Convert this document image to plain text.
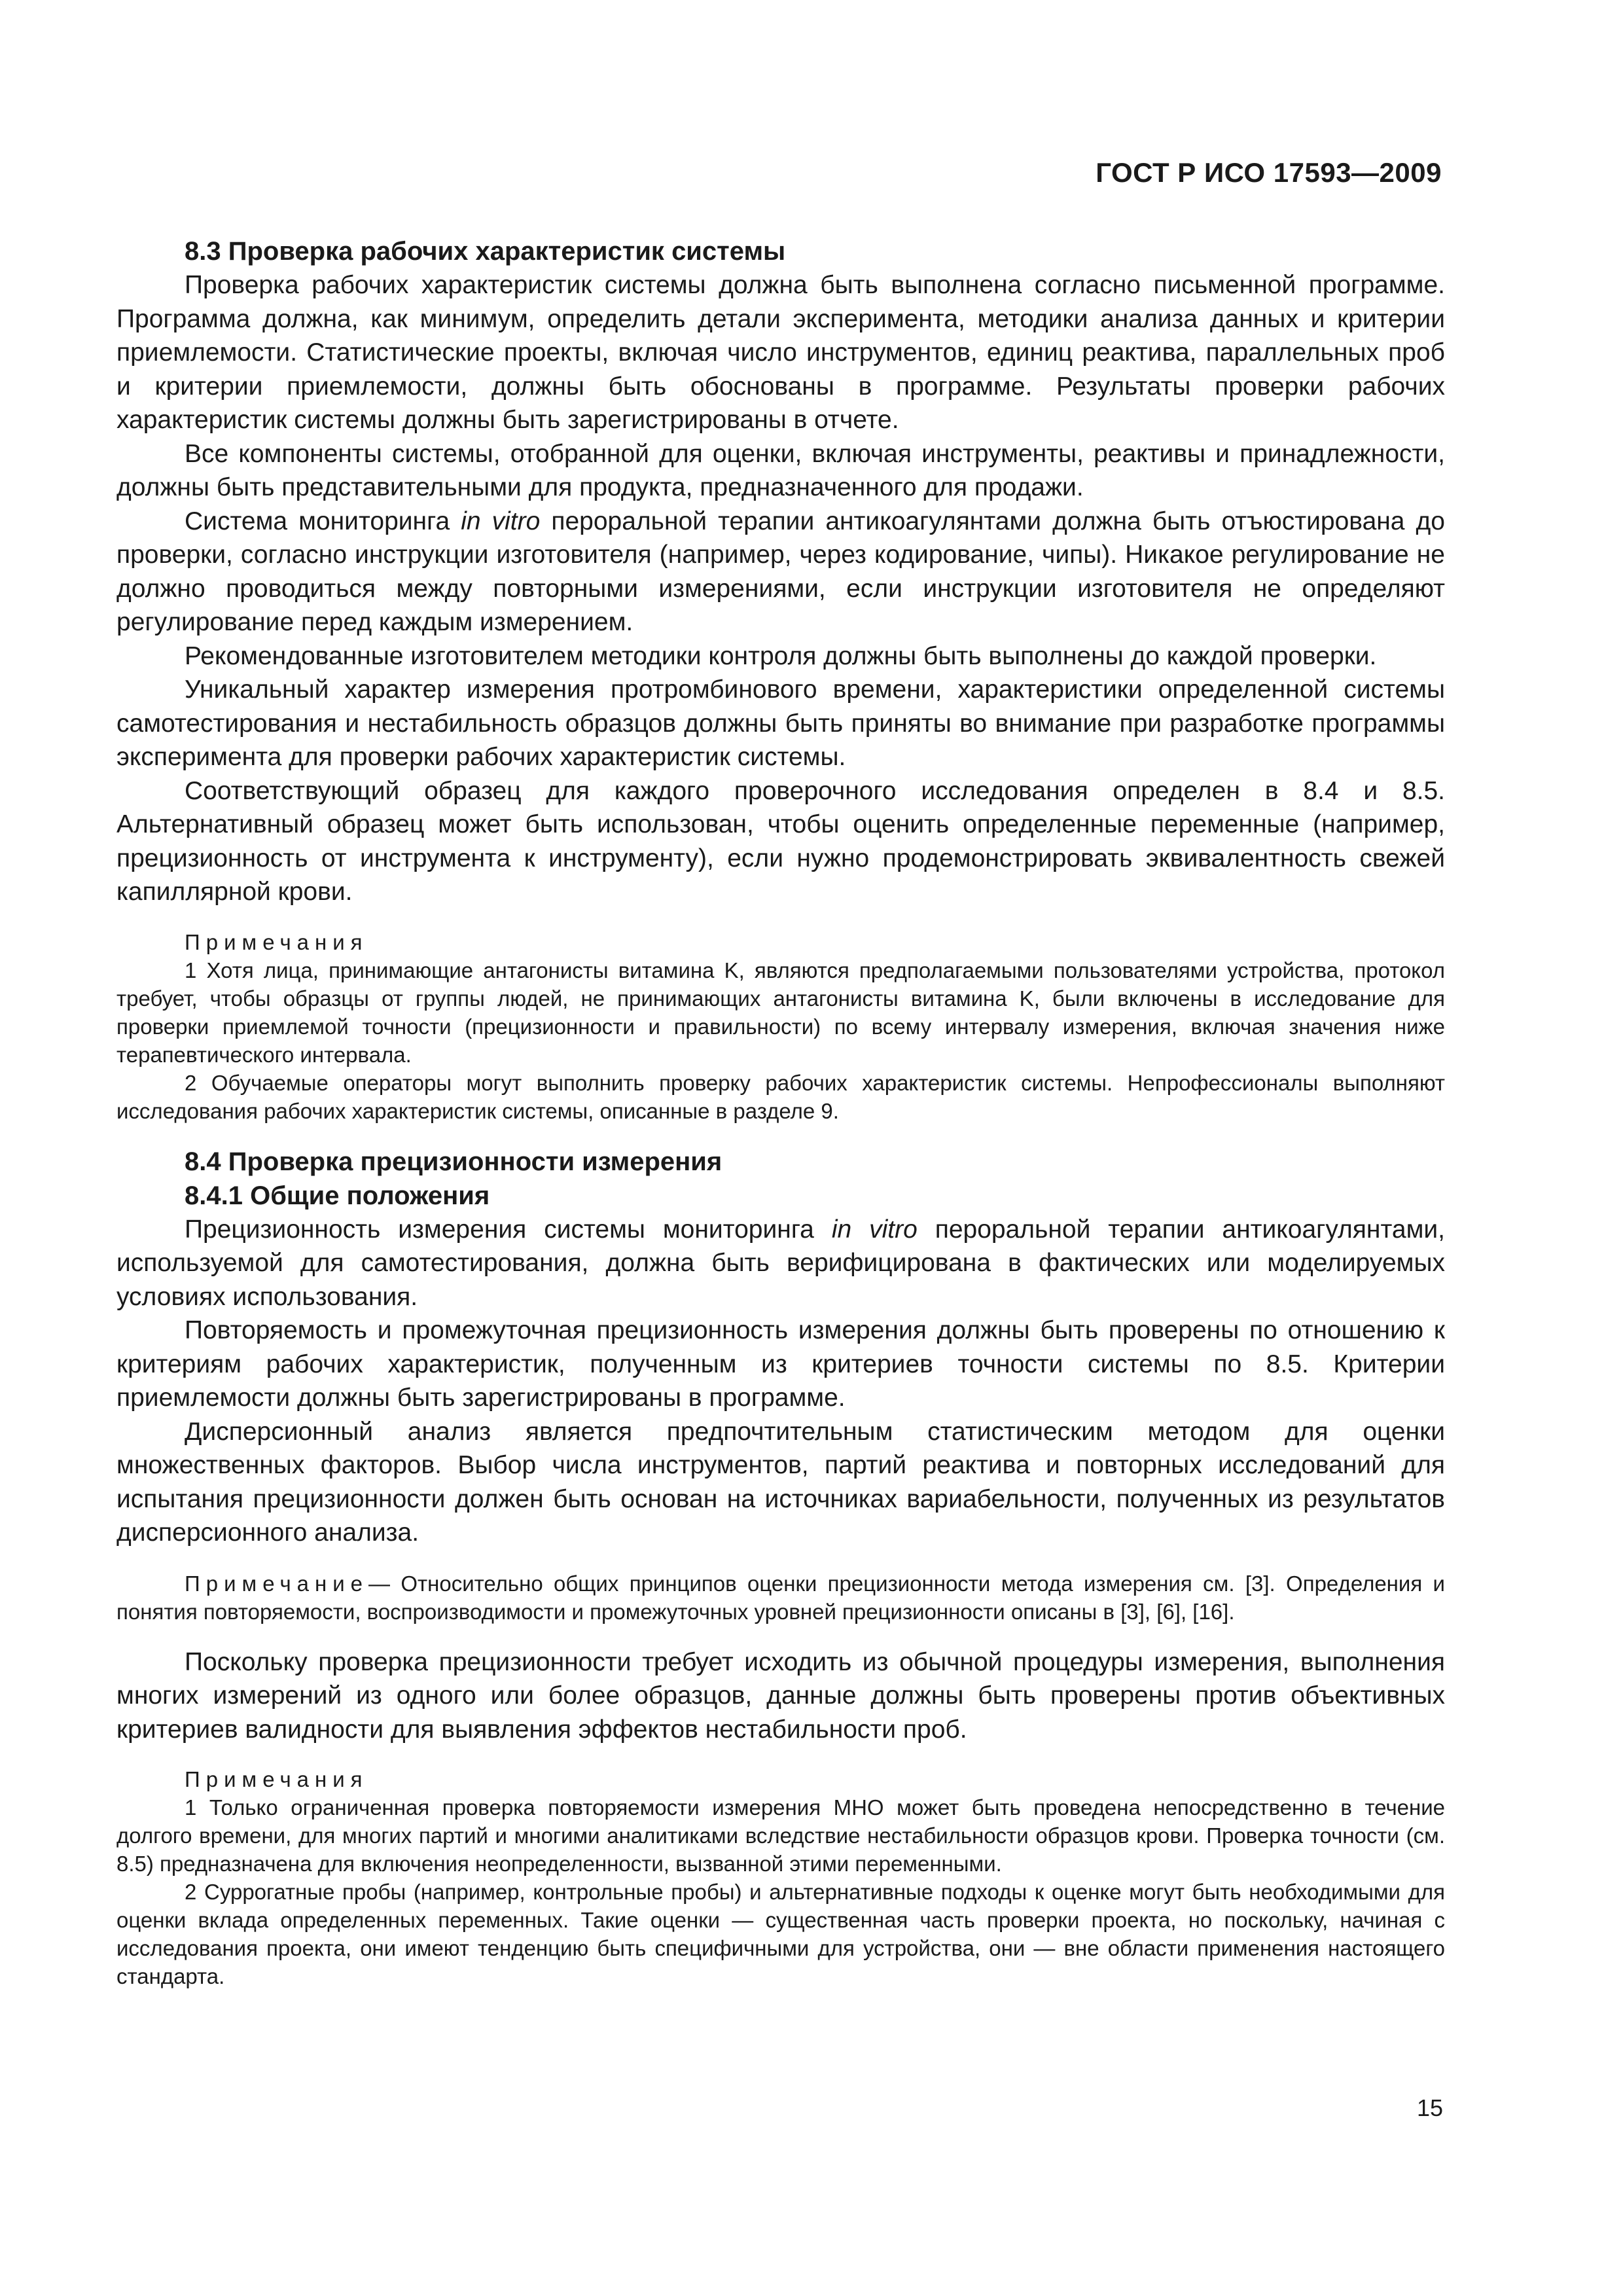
ГОСТ Р ИСО 17593—2009

8.3 Проверка рабочих характеристик системы

Проверка рабочих характеристик системы должна быть выполнена согласно письменной программе. Программа должна, как минимум, определить детали эксперимента, методики анализа данных и критерии приемлемости. Статистические проекты, включая число инструментов, единиц реактива, параллельных проб и критерии приемлемости, должны быть обоснованы в программе. Результаты проверки рабочих характеристик системы должны быть зарегистрированы в отчете.

Все компоненты системы, отобранной для оценки, включая инструменты, реактивы и принадлежности, должны быть представительными для продукта, предназначенного для продажи.

Система мониторинга in vitro пероральной терапии антикоагулянтами должна быть отъюстирована до проверки, согласно инструкции изготовителя (например, через кодирование, чипы). Никакое регулирование не должно проводиться между повторными измерениями, если инструкции изготовителя не определяют регулирование перед каждым измерением.

Рекомендованные изготовителем методики контроля должны быть выполнены до каждой проверки.

Уникальный характер измерения протромбинового времени, характеристики определенной системы самотестирования и нестабильность образцов должны быть приняты во внимание при разработке программы эксперимента для проверки рабочих характеристик системы.

Соответствующий образец для каждого проверочного исследования определен в 8.4 и 8.5. Альтернативный образец может быть использован, чтобы оценить определенные переменные (например, прецизионность от инструмента к инструменту), если нужно продемонстрировать эквивалентность свежей капиллярной крови.

Примечания

1 Хотя лица, принимающие антагонисты витамина K, являются предполагаемыми пользователями устройства, протокол требует, чтобы образцы от группы людей, не принимающих антагонисты витамина K, были включены в исследование для проверки приемлемой точности (прецизионности и правильности) по всему интервалу измерения, включая значения ниже терапевтического интервала.

2 Обучаемые операторы могут выполнить проверку рабочих характеристик системы. Непрофессионалы выполняют исследования рабочих характеристик системы, описанные в разделе 9.

8.4 Проверка прецизионности измерения

8.4.1 Общие положения

Прецизионность измерения системы мониторинга in vitro пероральной терапии антикоагулянтами, используемой для самотестирования, должна быть верифицирована в фактических или моделируемых условиях использования.

Повторяемость и промежуточная прецизионность измерения должны быть проверены по отношению к критериям рабочих характеристик, полученным из критериев точности системы по 8.5. Критерии приемлемости должны быть зарегистрированы в программе.

Дисперсионный анализ является предпочтительным статистическим методом для оценки множественных факторов. Выбор числа инструментов, партий реактива и повторных исследований для испытания прецизионности должен быть основан на источниках вариабельности, полученных из результатов дисперсионного анализа.

Примечание— Относительно общих принципов оценки прецизионности метода измерения см. [3]. Определения и понятия повторяемости, воспроизводимости и промежуточных уровней прецизионности описаны в [3], [6], [16].

Поскольку проверка прецизионности требует исходить из обычной процедуры измерения, выполнения многих измерений из одного или более образцов, данные должны быть проверены против объективных критериев валидности для выявления эффектов нестабильности проб.

Примечания

1 Только ограниченная проверка повторяемости измерения МНО может быть проведена непосредственно в течение долгого времени, для многих партий и многими аналитиками вследствие нестабильности образцов крови. Проверка точности (см. 8.5) предназначена для включения неопределенности, вызванной этими переменными.

2 Суррогатные пробы (например, контрольные пробы) и альтернативные подходы к оценке могут быть необходимыми для оценки вклада определенных переменных. Такие оценки — существенная часть проверки проекта, но поскольку, начиная с исследования проекта, они имеют тенденцию быть специфичными для устройства, они — вне области применения настоящего стандарта.

15
